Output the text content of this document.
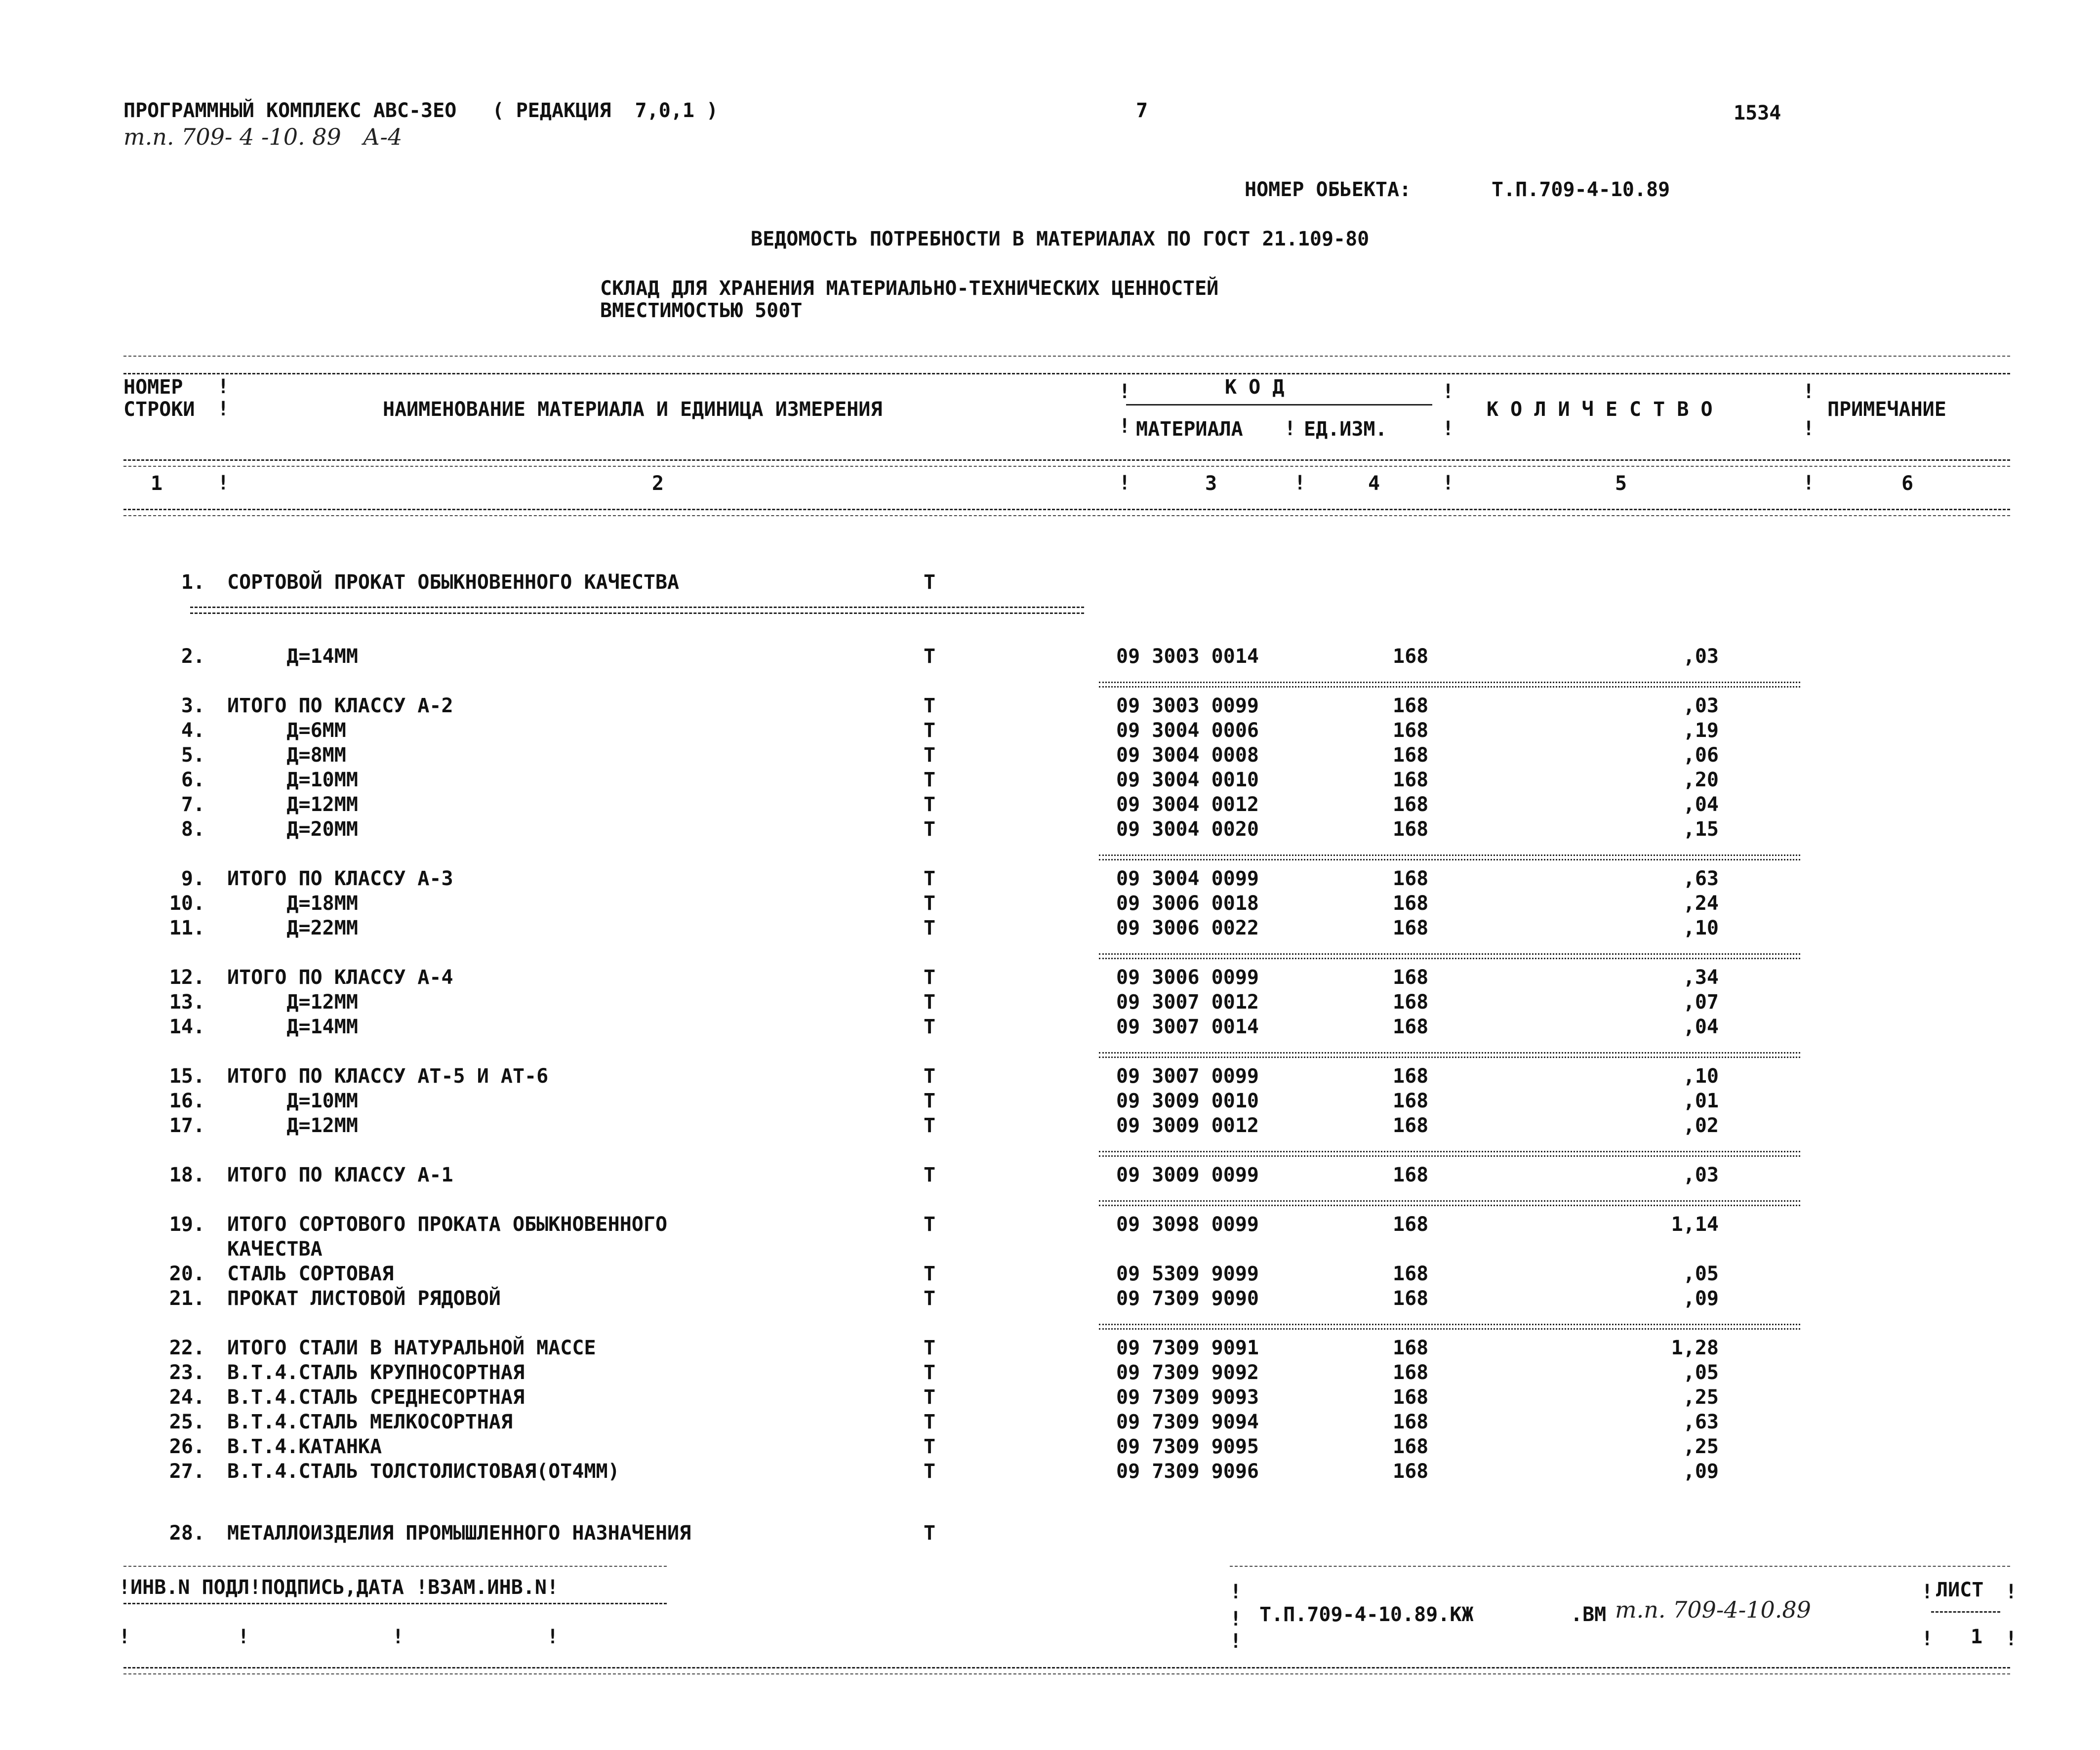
ПРОГРАММНЫЙ КОМПЛЕКС АВС-ЗЕО   ( РЕДАКЦИЯ  7,0,1 )
т.п. 709- 4 -10. 89   А-4
7	1534
НОМЕР ОБЬЕКТА:	Т.П.709-4-10.89
ВЕДОМОСТЬ ПОТРЕБНОСТИ В МАТЕРИАЛАХ ПО ГОСТ 21.109-80
СКЛАД ДЛЯ ХРАНЕНИЯ МАТЕРИАЛЬНО-ТЕХНИЧЕСКИХ ЦЕННОСТЕЙ
ВМЕСТИМОСТЬЮ 500Т
НОМЕР
СТРОКИ
!
!	НАИМЕНОВАНИЕ МАТЕРИАЛА И ЕДИНИЦА ИЗМЕРЕНИЯ
!	К О Д
! МАТЕРИАЛА ! ЕД.ИЗМ.
!
!
К О Л И Ч Е С Т В О
!
!
ПРИМЕЧАНИЕ
1	!	2	!	3	!	4	!	5	!	6
1. СОРТОВОЙ ПРОКАТ ОБЫКНОВЕННОГО КАЧЕСТВА	Т
2. Д=14ММ	Т	09 3003 0014	168	,03
3. ИТОГО ПО КЛАССУ А-2	Т	09 3003 0099	168	,03
4. Д=6ММ	Т	09 3004 0006	168	,19
5. Д=8ММ	Т	09 3004 0008	168	,06
6. Д=10ММ	Т	09 3004 0010	168	,20
7. Д=12ММ	Т	09 3004 0012	168	,04
8. Д=20ММ	Т	09 3004 0020	168	,15
9. ИТОГО ПО КЛАССУ А-3	Т	09 3004 0099	168	,63
10. Д=18ММ	Т	09 3006 0018	168	,24
11. Д=22ММ	Т	09 3006 0022	168	,10
12. ИТОГО ПО КЛАССУ А-4	Т	09 3006 0099	168	,34
13. Д=12ММ	Т	09 3007 0012	168	,07
14. Д=14ММ	Т	09 3007 0014	168	,04
15. ИТОГО ПО КЛАССУ АТ-5 И АТ-6	Т	09 3007 0099	168	,10
16. Д=10ММ	Т	09 3009 0010	168	,01
17. Д=12ММ	Т	09 3009 0012	168	,02
18. ИТОГО ПО КЛАССУ А-1	Т	09 3009 0099	168	,03
19. ИТОГО СОРТОВОГО ПРОКАТА ОБЫКНОВЕННОГО	Т	09 3098 0099	168	1,14
КАЧЕСТВА
20. СТАЛЬ СОРТОВАЯ	Т	09 5309 9099	168	,05
21. ПРОКАТ ЛИСТОВОЙ РЯДОВОЙ	Т	09 7309 9090	168	,09
22. ИТОГО СТАЛИ В НАТУРАЛЬНОЙ МАССЕ	Т	09 7309 9091	168	1,28
23. В.Т.4.СТАЛЬ КРУПНОСОРТНАЯ	Т	09 7309 9092	168	,05
24. В.Т.4.СТАЛЬ СРЕДНЕСОРТНАЯ	Т	09 7309 9093	168	,25
25. В.Т.4.СТАЛЬ МЕЛКОСОРТНАЯ	Т	09 7309 9094	168	,63
26. В.Т.4.КАТАНКА	Т	09 7309 9095	168	,25
27. В.Т.4.СТАЛЬ ТОЛСТОЛИСТОВАЯ(ОТ4ММ)	Т	09 7309 9096	168	,09
28. МЕТАЛЛОИЗДЕЛИЯ ПРОМЫШЛЕННОГО НАЗНАЧЕНИЯ	Т
!ИНВ.N ПОДЛ!ПОДПИСЬ,ДАТА !ВЗАМ.ИНВ.N!
!         !            !            !
!
!
!
Т.П.709-4-10.89.КЖ	.ВМ т.п. 709-4-10.89
! ЛИСТ !
! 1 !
